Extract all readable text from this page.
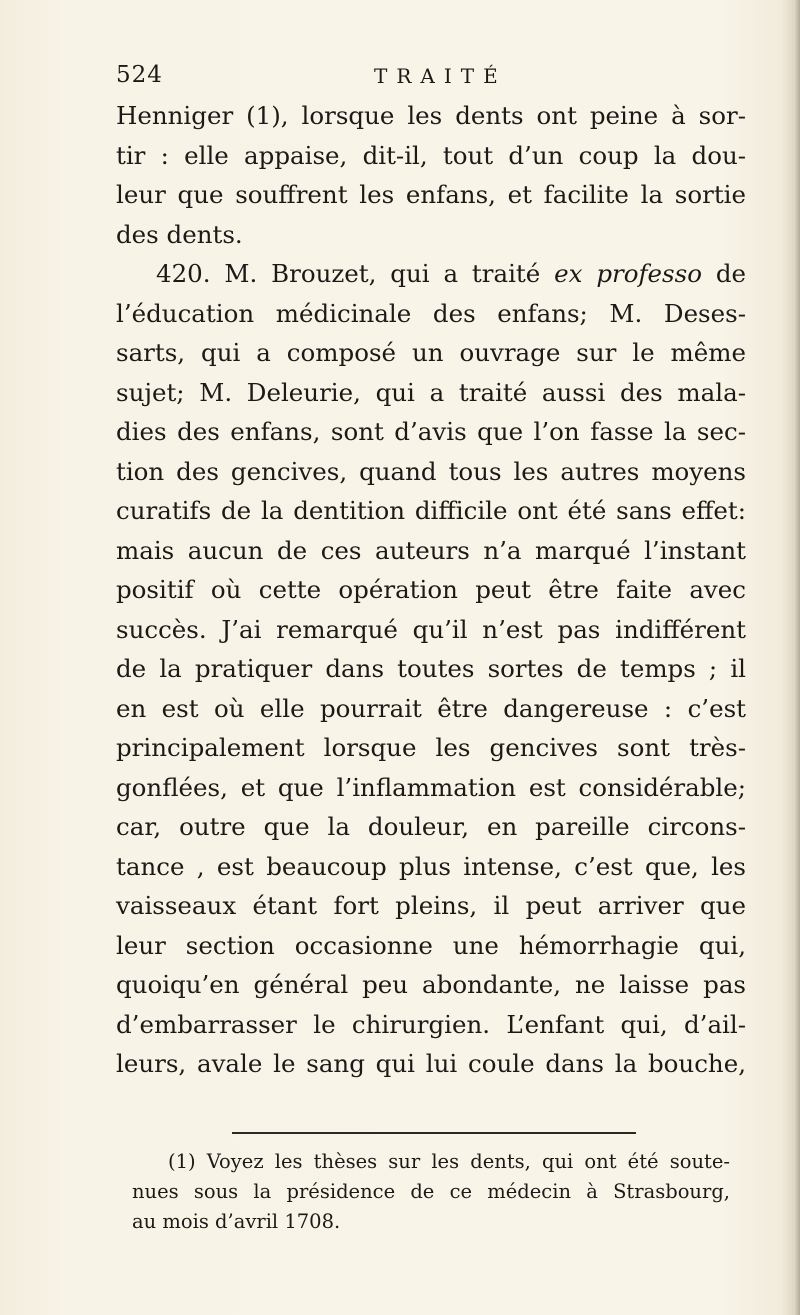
524	TRAITÉ
Henniger (1), lorsque les dents ont peine à sor-
tir : elle appaise, dit-il, tout d’un coup la dou-
leur que souffrent les enfans, et facilite la sortie
des dents.
420. M. Brouzet, qui a traité ex professo de
l’éducation médicinale des enfans; M. Deses-
sarts, qui a composé un ouvrage sur le même
sujet; M. Deleurie, qui a traité aussi des mala-
dies des enfans, sont d’avis que l’on fasse la sec-
tion des gencives, quand tous les autres moyens
curatifs de la dentition difficile ont été sans effet:
mais aucun de ces auteurs n’a marqué l’instant
positif où cette opération peut être faite avec
succès. J’ai remarqué qu’il n’est pas indifférent
de la pratiquer dans toutes sortes de temps ; il
en est où elle pourrait être dangereuse : c’est
principalement lorsque les gencives sont très-
gonflées, et que l’inflammation est considérable;
car, outre que la douleur, en pareille circons-
tance , est beaucoup plus intense, c’est que, les
vaisseaux étant fort pleins, il peut arriver que
leur section occasionne une hémorrhagie qui,
quoiqu’en général peu abondante, ne laisse pas
d’embarrasser le chirurgien. L’enfant qui, d’ail-
leurs, avale le sang qui lui coule dans la bouche,
(1) Voyez les thèses sur les dents, qui ont été soute-
nues sous la présidence de ce médecin à Strasbourg,
au mois d’avril 1708.
